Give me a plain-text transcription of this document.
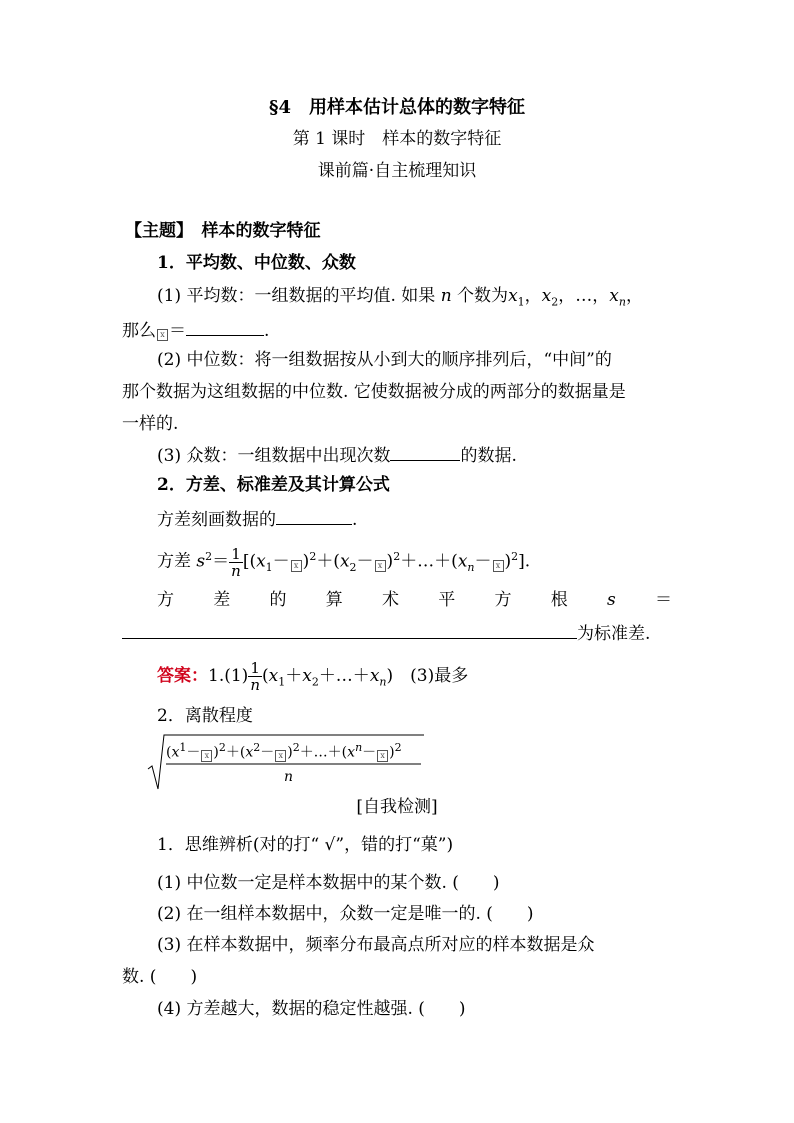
§4　用样本估计总体的数字特征
第 1 课时　样本的数字特征
课前篇·自主梳理知识
【主题】　样本的数字特征
1．平均数、中位数、众数
(1) 平均数：一组数据的平均值. 如果 n 个数为$x_1$，$x_2$，…，$x_n$，
那么 x ＝	.
(2) 中位数：将一组数据按从小到大的顺序排列后，“中间”的
那个数据为这组数据的中位数. 它使数据被分成的两部分的数据量是
一样的.
(3) 众数：一组数据中出现次数	的数据.
2．方差、标准差及其计算公式
方差刻画数据的	.
方差 $s^2= \frac{1}{n} [(x_1- x$ )$^2+(x_2- x$ )$^2+\dots+(x_n- x$ )$^2$].
方 差 的 算 术 平 方 根 s ＝
为标准差.
答案：$1.(1) \frac{1}{n}$ $(x_1+x_2+\dots+x_n)$　(3)最多
2．离散程度
($x^1- x$ )$^2+(x^2- x$ )$^2+\dots+(x^n- x$ )$^2$
n
[自我检测]
1．思维辨析(对的打“ √”，错的打“菓”)
(1) 中位数一定是样本数据中的某个数. (　　)
(2) 在一组样本数据中，众数一定是唯一的. (　　)
(3) 在样本数据中，频率分布最高点所对应的样本数据是众
数. (　　)
(4) 方差越大，数据的稳定性越强. (　　)
